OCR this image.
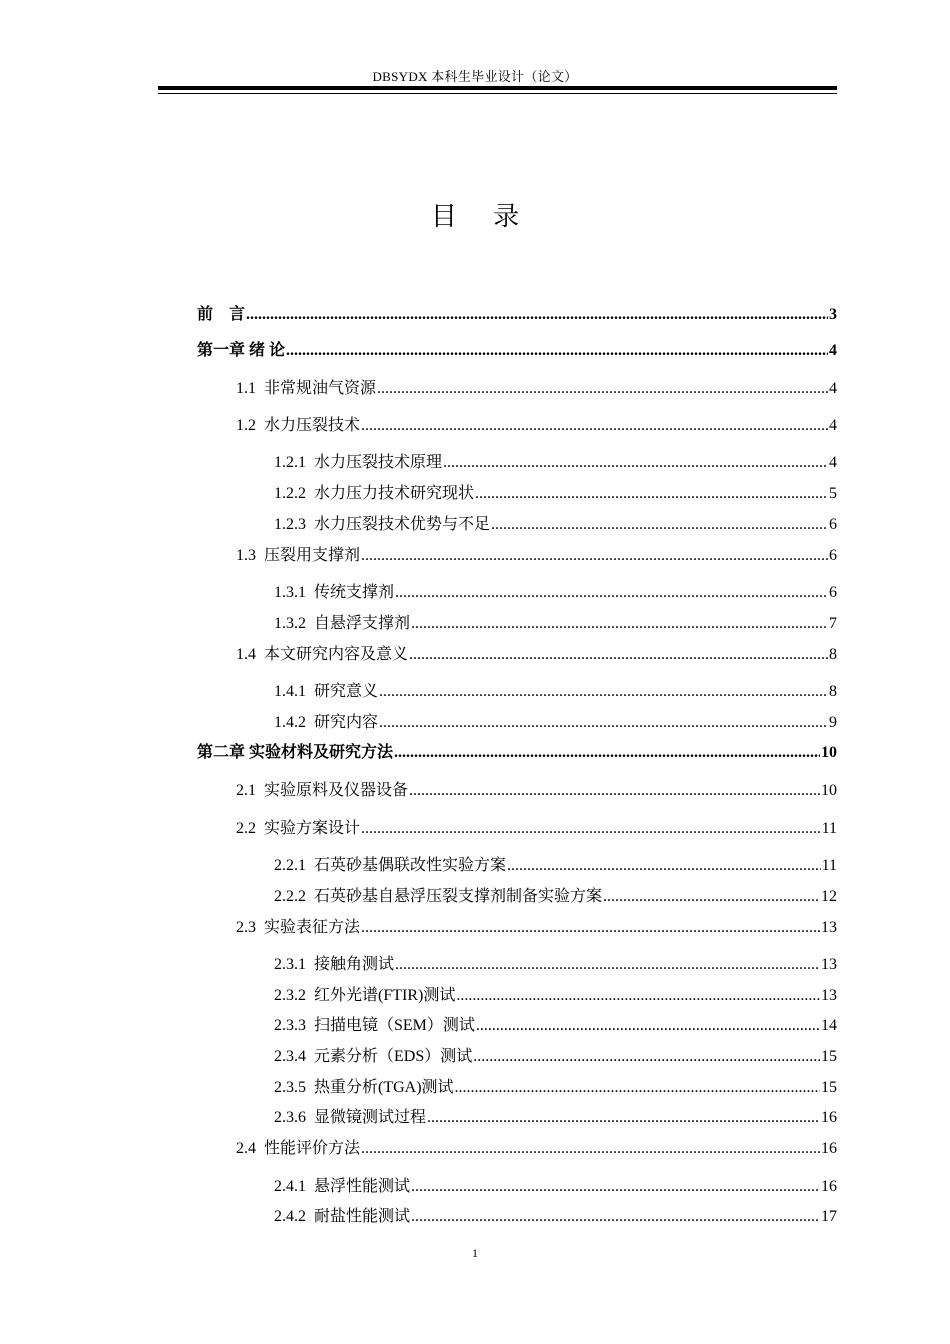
DBSYDX 本科生毕业设计（论文）
目 录
前　言 .....	3
第一章 绪 论 .....	4
1.1 非常规油气资源 .....	4
1.2 水力压裂技术 .....	4
1.2.1 水力压裂技术原理 .....	4
1.2.2 水力压力技术研究现状 .....	5
1.2.3 水力压裂技术优势与不足 .....	6
1.3 压裂用支撑剂 .....	6
1.3.1 传统支撑剂 .....	6
1.3.2 自悬浮支撑剂 .....	7
1.4 本文研究内容及意义 .....	8
1.4.1 研究意义 .....	8
1.4.2 研究内容 .....	9
第二章 实验材料及研究方法 .....	10
2.1 实验原料及仪器设备 .....	10
2.2 实验方案设计 .....	11
2.2.1 石英砂基偶联改性实验方案 .....	11
2.2.2 石英砂基自悬浮压裂支撑剂制备实验方案 .....	12
2.3 实验表征方法 .....	13
2.3.1 接触角测试 .....	13
2.3.2 红外光谱(FTIR)测试 .....	13
2.3.3 扫描电镜（SEM）测试 .....	14
2.3.4 元素分析（EDS）测试 .....	15
2.3.5 热重分析(TGA)测试 .....	15
2.3.6 显微镜测试过程 .....	16
2.4 性能评价方法 .....	16
2.4.1 悬浮性能测试 .....	16
2.4.2 耐盐性能测试 .....	17
1
